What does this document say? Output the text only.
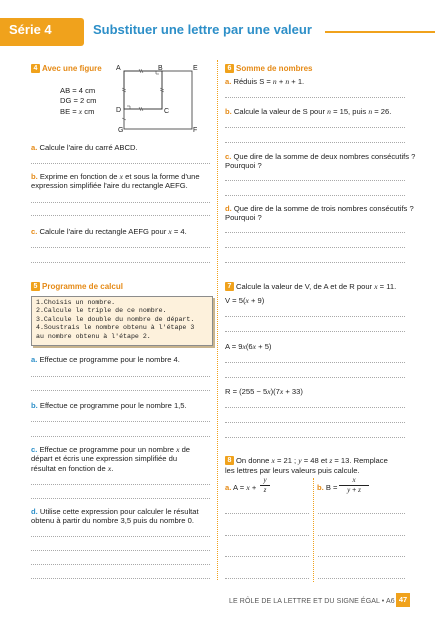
Série 4	Substituer une lettre par une valeur
4 Avec une figure
AB = 4 cm
DG = 2 cm
BE = x cm
A	B	E
D	C
G	F
a. Calcule l'aire du carré ABCD.
b. Exprime en fonction de x et sous la forme d'une
expression simplifiée l'aire du rectangle AEFG.
c. Calcule l'aire du rectangle AEFG pour x = 4.
5 Programme de calcul
1.Choisis un nombre.
2.Calcule le triple de ce nombre.
3.Calcule le double du nombre de départ.
4.Soustrais le nombre obtenu à l'étape 3
au nombre obtenu à l'étape 2.
a. Effectue ce programme pour le nombre 4.
b. Effectue ce programme pour le nombre 1,5.
c. Effectue ce programme pour un nombre x de
départ et écris une expression simplifiée du
résultat en fonction de x.
d. Utilise cette expression pour calculer le résultat
obtenu à partir du nombre 3,5 puis du nombre 0.
6 Somme de nombres
a. Réduis S = n + n + 1.
b. Calcule la valeur de S pour n = 15, puis n = 26.
c. Que dire de la somme de deux nombres consécutifs ?
Pourquoi ?
d. Que dire de la somme de trois nombres consécutifs ?
Pourquoi ?
7 Calcule la valeur de V, de A et de R pour x = 11.
V = 5(x + 9)
A = 9x(6x + 5)
R = (255 − 5x)(7x + 33)
8 On donne x = 21 ; y = 48 et z = 13. Remplace
les lettres par leurs valeurs puis calcule.
a. A = x +
y
z	b. B =
x
y + z
LE RÔLE DE LA LETTRE ET DU SIGNE ÉGAL • A6 47
